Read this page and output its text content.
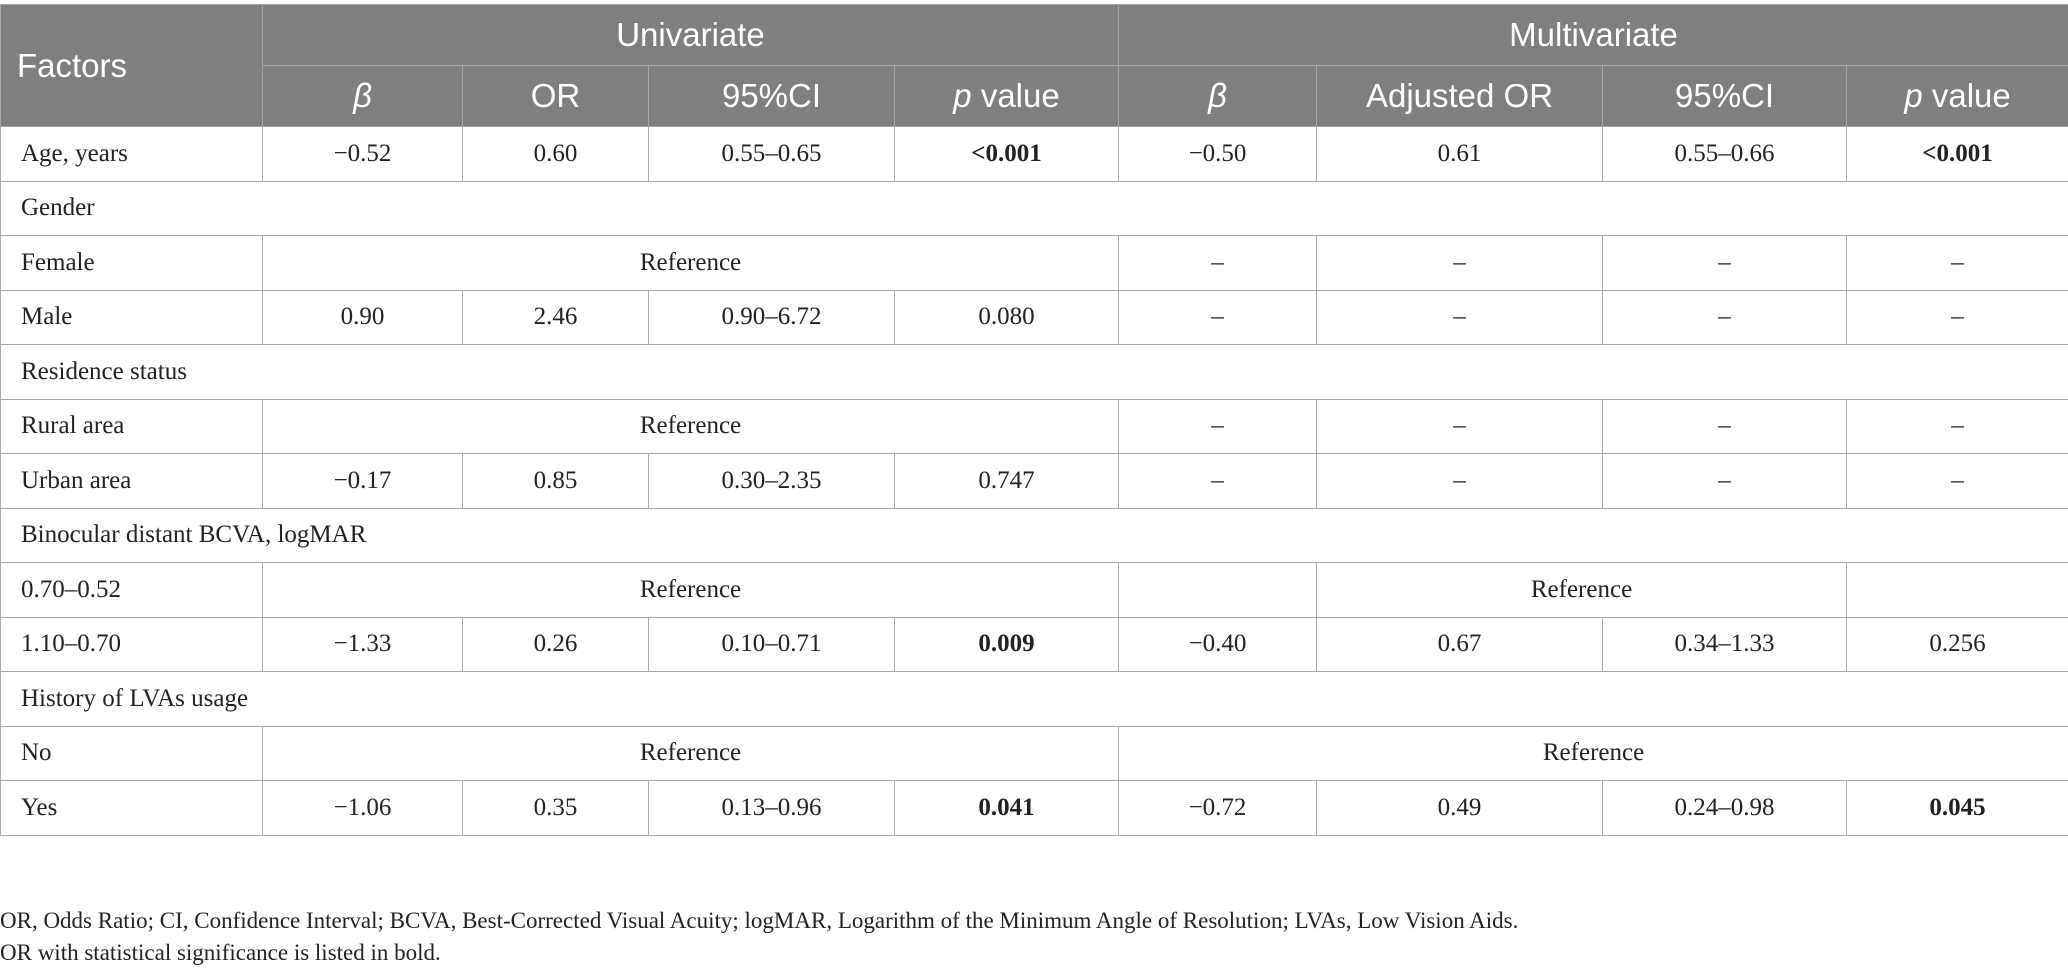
Factors	Univariate				Multivariate			
	β	OR	95%CI	p value	β	Adjusted OR	95%CI	p value
Age, years	−0.52	0.60	0.55–0.65	<0.001	−0.50	0.61	0.55–0.66	<0.001
Gender								
Female	Reference				–	–	–	–
Male	0.90	2.46	0.90–6.72	0.080	–	–	–	–
Residence status								
Rural area	Reference				–	–	–	–
Urban area	−0.17	0.85	0.30–2.35	0.747	–	–	–	–
Binocular distant BCVA, logMAR								
0.70–0.52	Reference					Reference		
1.10–0.70	−1.33	0.26	0.10–0.71	0.009	−0.40	0.67	0.34–1.33	0.256
History of LVAs usage								
No	Reference				Reference			
Yes	−1.06	0.35	0.13–0.96	0.041	−0.72	0.49	0.24–0.98	0.045
OR, Odds Ratio; CI, Confidence Interval; BCVA, Best-Corrected Visual Acuity; logMAR, Logarithm of the Minimum Angle of Resolution; LVAs, Low Vision Aids.
OR with statistical significance is listed in bold.
